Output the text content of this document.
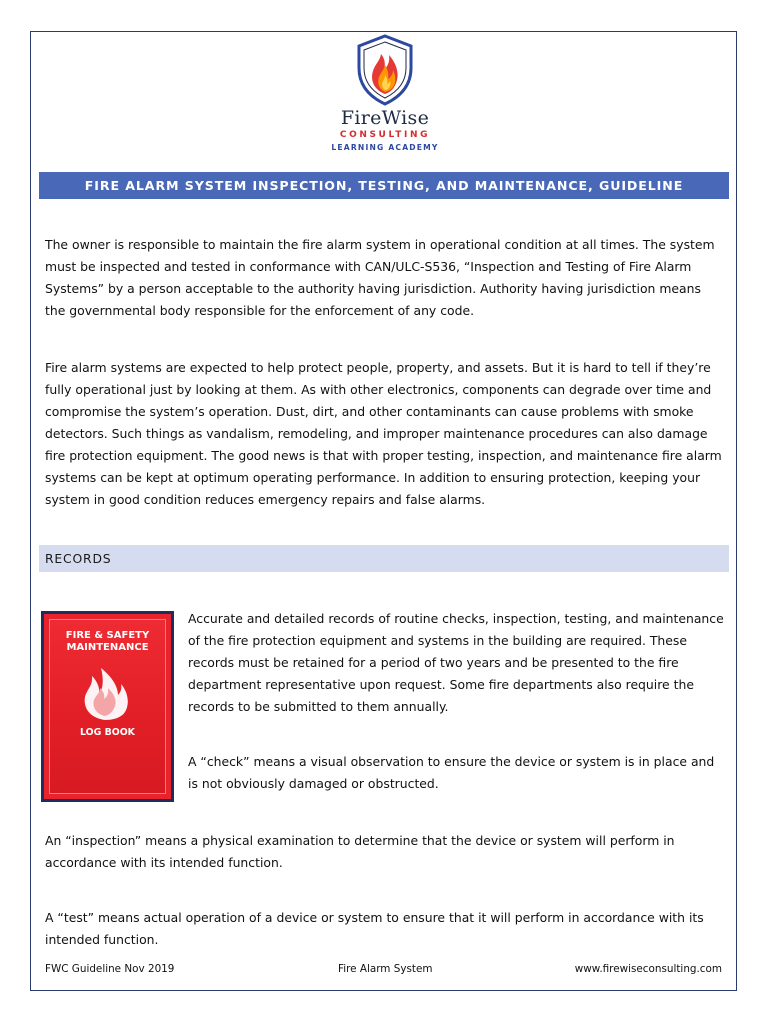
FireWise
CONSULTING
LEARNING ACADEMY
FIRE ALARM SYSTEM INSPECTION, TESTING, AND MAINTENANCE, GUIDELINE

The owner is responsible to maintain the fire alarm system in operational condition at all times. The system must be inspected and tested in conformance with CAN/ULC-S536, “Inspection and Testing of Fire Alarm Systems” by a person acceptable to the authority having jurisdiction. Authority having jurisdiction means the governmental body responsible for the enforcement of any code.

Fire alarm systems are expected to help protect people, property, and assets. But it is hard to tell if they’re fully operational just by looking at them. As with other electronics, components can degrade over time and compromise the system’s operation. Dust, dirt, and other contaminants can cause problems with smoke detectors. Such things as vandalism, remodeling, and improper maintenance procedures can also damage fire protection equipment. The good news is that with proper testing, inspection, and maintenance fire alarm systems can be kept at optimum operating performance. In addition to ensuring protection, keeping your system in good condition reduces emergency repairs and false alarms.

RECORDS
FIRE & SAFETY
MAINTENANCE
LOG BOOK

Accurate and detailed records of routine checks, inspection, testing, and maintenance of the fire protection equipment and systems in the building are required. These records must be retained for a period of two years and be presented to the fire department representative upon request. Some fire departments also require the records to be submitted to them annually.

A “check” means a visual observation to ensure the device or system is in place and is not obviously damaged or obstructed.

An “inspection” means a physical examination to determine that the device or system will perform in accordance with its intended function.

A “test” means actual operation of a device or system to ensure that it will perform in accordance with its intended function.

FWC Guideline Nov 2019	Fire Alarm System	www.firewiseconsulting.com
